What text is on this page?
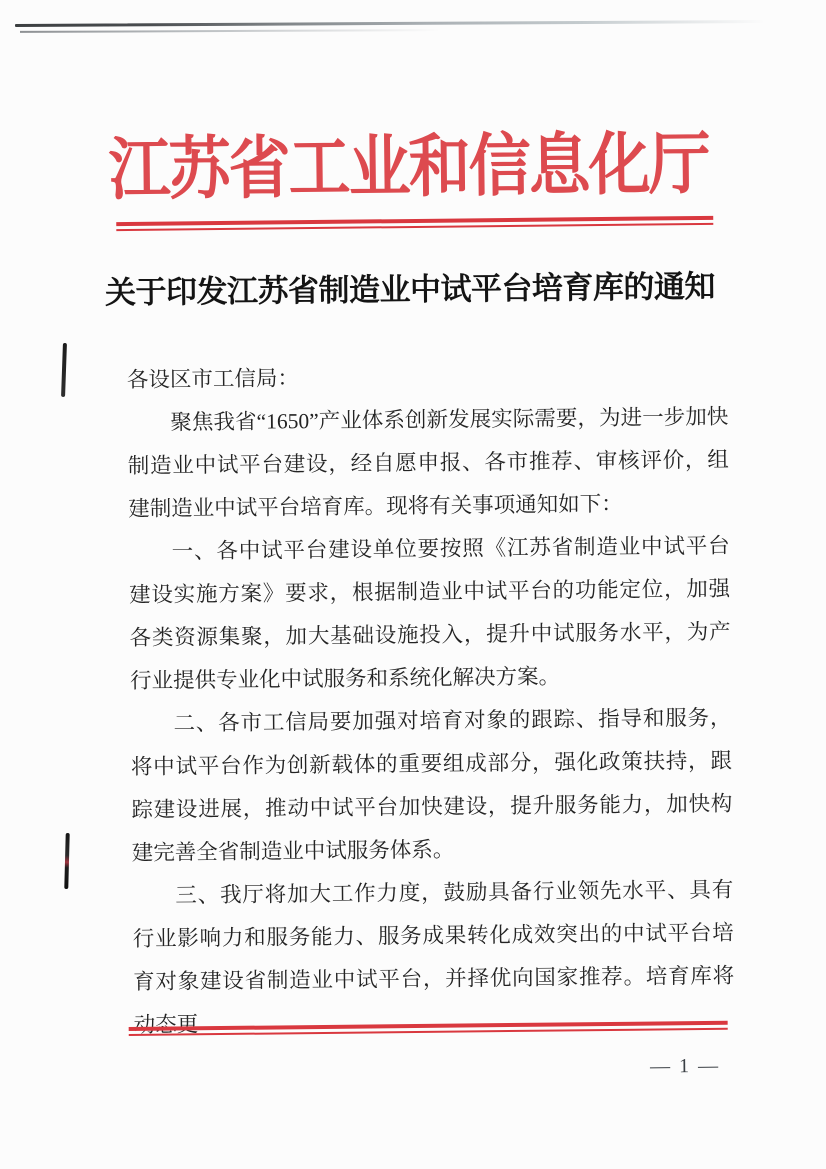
江苏省工业和信息化厅
关于印发江苏省制造业中试平台培育库的通知

各设区市工信局：

聚焦我省“1650”产业体系创新发展实际需要，为进一步加快制造业中试平台建设，经自愿申报、各市推荐、审核评价，组建制造业中试平台培育库。现将有关事项通知如下：

一、各中试平台建设单位要按照《江苏省制造业中试平台建设实施方案》要求，根据制造业中试平台的功能定位，加强各类资源集聚，加大基础设施投入，提升中试服务水平，为产行业提供专业化中试服务和系统化解决方案。

二、各市工信局要加强对培育对象的跟踪、指导和服务，将中试平台作为创新载体的重要组成部分，强化政策扶持，跟踪建设进展，推动中试平台加快建设，提升服务能力，加快构建完善全省制造业中试服务体系。

三、我厅将加大工作力度，鼓励具备行业领先水平、具有行业影响力和服务能力、服务成果转化成效突出的中试平台培育对象建设省制造业中试平台，并择优向国家推荐。培育库将动态更

— 1 —
